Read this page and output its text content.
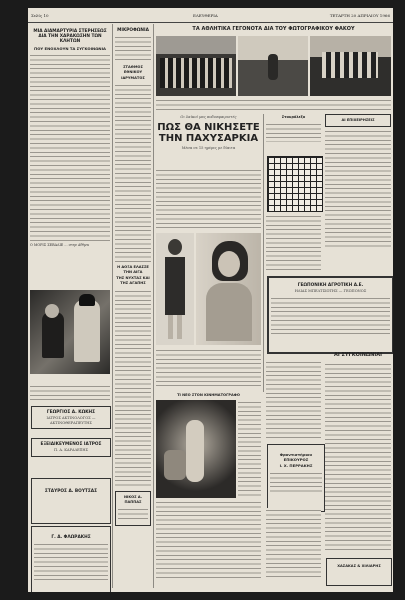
Σελίς 10	ΕΛΕΥΘΕΡΙΑ	ΤΕΤΑΡΤΗ 20 ΑΠΡΙΛΙΟΥ 1966
ΜΙΑ ΔΙΑΜΑΡΤΥΡΙΑ ΣΤΕΡΗΣΕΩΣ ΔΙΑ ΤΗΝ ΧΑΡΑΚΩΣΗΝ ΤΩΝ ΚΛΗΤΩΝ
ΠΟΥ ΕΝΟΧΛΟΥΝ ΤΑ ΣΥΓΚΟΙΝΩΝΙΑ
Ο ΜΟΡΙΣ ΣΕΒΑΛΙΕ ... στην Αθήνα
ΓΕΩΡΓΙΟΣ Α. ΚΩΚΗΣ
ΙΑΤΡΟΣ ΑΚΤΙΝΟΛΟΓΟΣ — ΑΚΤΙΝΟΘΕΡΑΠΕΥΤΗΣ
ΕΞΕΙΔΙΚΕΥΜΕΝΟΣ ΙΑΤΡΟΣ
Π. Α. ΚΑΡΑΛΕΞΗΣ
ΣΤΑΥΡΟΣ Δ. ΒΟΥΤΣΑΣ
Γ. Δ. ΦΛΩΡΑΚΗΣ
ΜΙΚΡΟΦΩΝΙΑ
ΣΤΑΘΜΟΣ ΕΘΝΙΚΟΥ ΙΔΡΥΜΑΤΟΣ
Η ΔΟΞΑ ΕΛΑΣΣΕ ΤΗΝ ΑΙΓΑ
ΤΗΣ ΝΥΧΤΑΣ ΚΑΙ ΤΗΣ ΑΓΑΠΗΣ
ΝΙΚΟΣ Δ. ΠΑΠΠΑΣ
ΤΑ ΑΘΛΗΤΙΚΑ ΓΕΓΟΝΟΤΑ ΔΙΑ ΤΟΥ ΦΩΤΟΓΡΑΦΙΚΟΥ ΦΑΚΟΥ
Οι λαϊκοί μας ποδοσφαιριστές
ΠΩΣ ΘΑ ΝΙΚΗΣΕΤΕ ΤΗΝ ΠΑΧΥΣΑΡΚΙΑ
Μέσα σε 15 ημέρες με δίαιτα
ΤΙ ΝΕΟ ΣΤΟΝ ΚΙΝΗΜΑΤΟΓΡΑΦΟ
Σταυρόλεξο
ΑΙ ΕΠΙΧΕΙΡΗΣΕΙΣ
ΓΕΩΠΟΝΙΚΗ ΑΓΡΟΤΙΚΗ Α.Ε.
ΗΛΙΑΣ ΜΠΕΛΤΣΙΩΤΗΣ — ΓΕΩΠΟΝΟΣ
ΑΙ ΣΥΓΚΟΙΝΩΝΙΑΙ
Φροντιστήριον ΕΠΙΚΟΥΡΟΣ
Ι. Χ. ΠΕΡΡΑΚΗΣ
ΧΑΣΑΚΑΣ & ΧΙΛΙΑΡΗΣ
